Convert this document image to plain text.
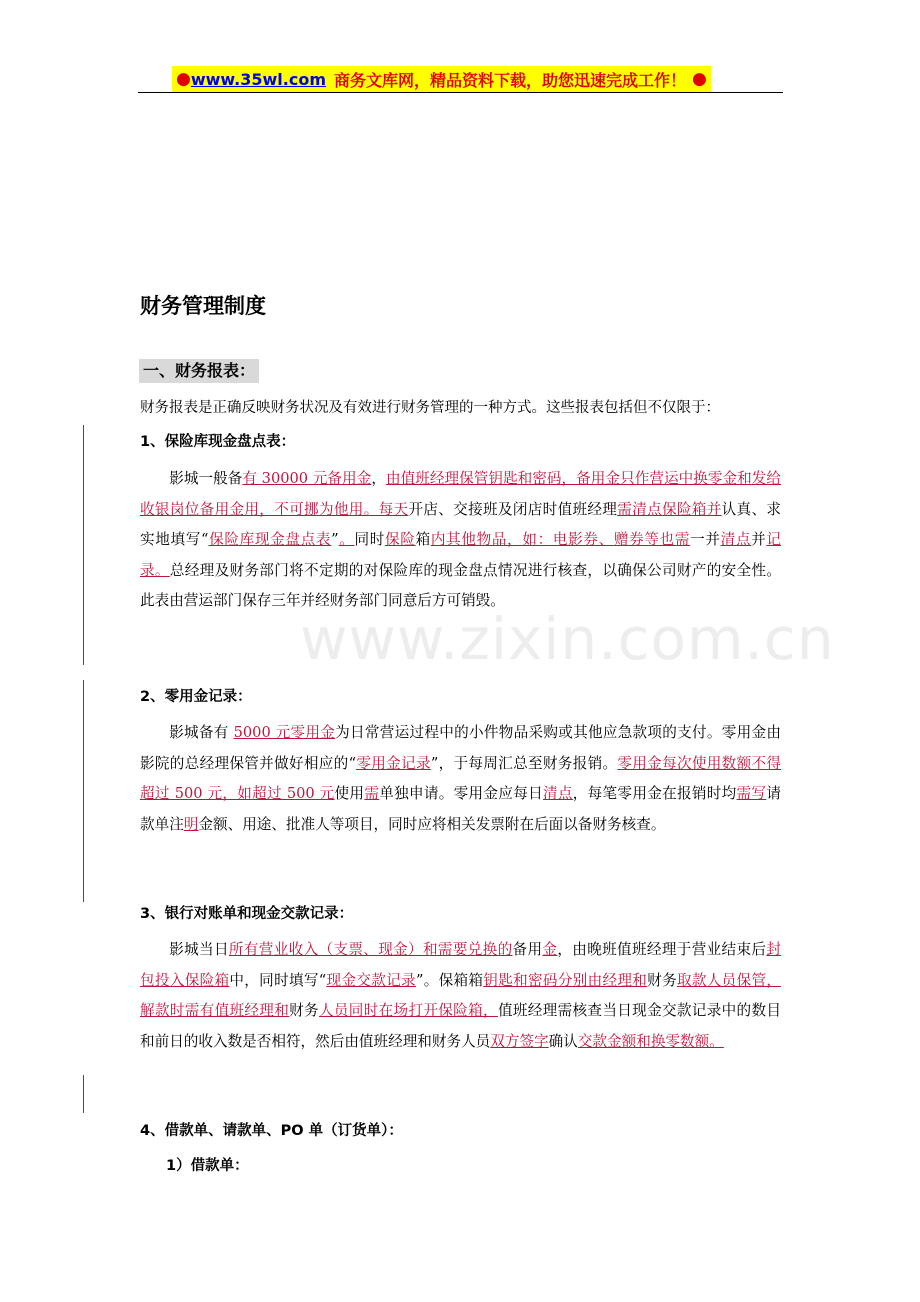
● www.35wl.com 商务文库网，精品资料下载，助您迅速完成工作！ ●
www.zixin.com.cn
财务管理制度
一、财务报表：
财务报表是正确反映财务状况及有效进行财务管理的一种方式。这些报表包括但不仅限于：
1、保险库现金盘点表：
影城一般备有 30000 元备用金，由值班经理保管钥匙和密码，备用金只作营运中换零金和发给收银岗位备用金用，不可挪为他用。每天开店、交接班及闭店时值班经理需清点保险箱并认真、求实地填写“保险库现金盘点表”。同时保险箱内其他物品，如：电影券、赠券等也需一并清点并记录。总经理及财务部门将不定期的对保险库的现金盘点情况进行核查，以确保公司财产的安全性。此表由营运部门保存三年并经财务部门同意后方可销毁。
2、零用金记录：
影城备有 5000 元零用金为日常营运过程中的小件物品采购或其他应急款项的支付。零用金由影院的总经理保管并做好相应的“零用金记录”，于每周汇总至财务报销。零用金每次使用数额不得超过 500 元，如超过 500 元使用需单独申请。零用金应每日清点，每笔零用金在报销时均需写请款单注明金额、用途、批准人等项目，同时应将相关发票附在后面以备财务核查。
3、银行对账单和现金交款记录：
影城当日所有营业收入（支票、现金）和需要兑换的备用金，由晚班值班经理于营业结束后封包投入保险箱中，同时填写“现金交款记录”。保箱箱钥匙和密码分别由经理和财务取款人员保管，解款时需有值班经理和财务人员同时在场打开保险箱，值班经理需核查当日现金交款记录中的数目和前日的收入数是否相符，然后由值班经理和财务人员双方签字确认交款金额和换零数额。
4、借款单、请款单、PO 单（订货单）：
1）借款单：
